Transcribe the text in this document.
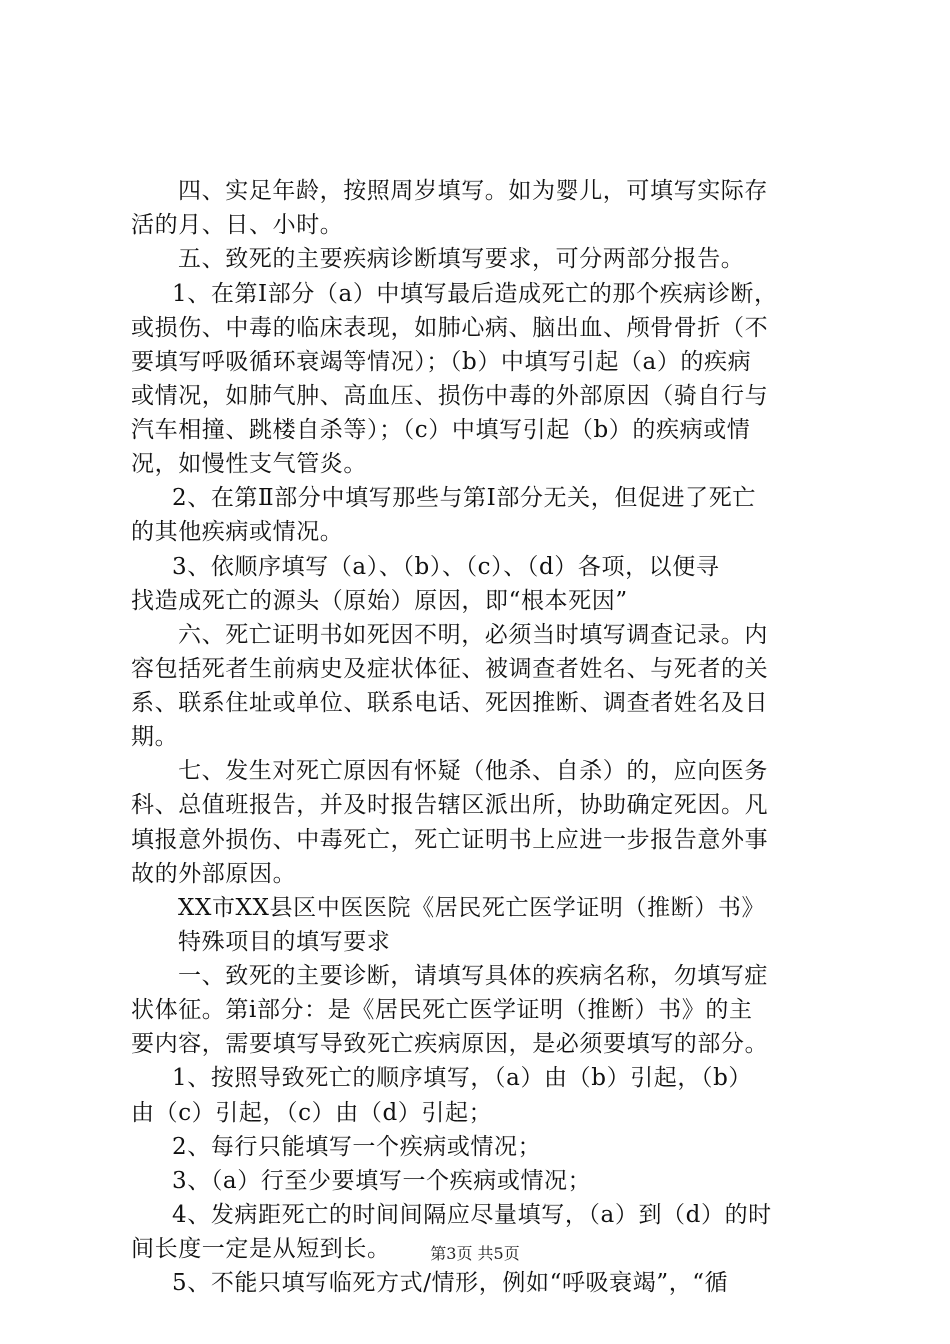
四、实足年龄，按照周岁填写。如为婴儿，可填写实际存
活的月、日、小时。
五、致死的主要疾病诊断填写要求，可分两部分报告。
1、在第Ⅰ部分（a）中填写最后造成死亡的那个疾病诊断，
或损伤、中毒的临床表现，如肺心病、脑出血、颅骨骨折（不
要填写呼吸循环衰竭等情况）；（b）中填写引起（a）的疾病
或情况，如肺气肿、高血压、损伤中毒的外部原因（骑自行与
汽车相撞、跳楼自杀等）；（c）中填写引起（b）的疾病或情
况，如慢性支气管炎。
2、在第Ⅱ部分中填写那些与第Ⅰ部分无关，但促进了死亡
的其他疾病或情况。
3、依顺序填写（a）、（b）、（c）、（d）各项，以便寻
找造成死亡的源头（原始）原因，即“根本死因”
六、死亡证明书如死因不明，必须当时填写调查记录。内
容包括死者生前病史及症状体征、被调查者姓名、与死者的关
系、联系住址或单位、联系电话、死因推断、调查者姓名及日
期。
七、发生对死亡原因有怀疑（他杀、自杀）的，应向医务
科、总值班报告，并及时报告辖区派出所，协助确定死因。凡
填报意外损伤、中毒死亡，死亡证明书上应进一步报告意外事
故的外部原因。
XX市XX县区中医医院《居民死亡医学证明（推断）书》
特殊项目的填写要求
一、致死的主要诊断，请填写具体的疾病名称，勿填写症
状体征。第i部分：是《居民死亡医学证明（推断）书》的主
要内容，需要填写导致死亡疾病原因，是必须要填写的部分。
1、按照导致死亡的顺序填写，（a）由（b）引起，（b）
由（c）引起，（c）由（d）引起；
2、每行只能填写一个疾病或情况；
3、（a）行至少要填写一个疾病或情况；
4、发病距死亡的时间间隔应尽量填写，（a）到（d）的时
间长度一定是从短到长。
5、不能只填写临死方式/情形，例如“呼吸衰竭”，“循
第3页 共5页
